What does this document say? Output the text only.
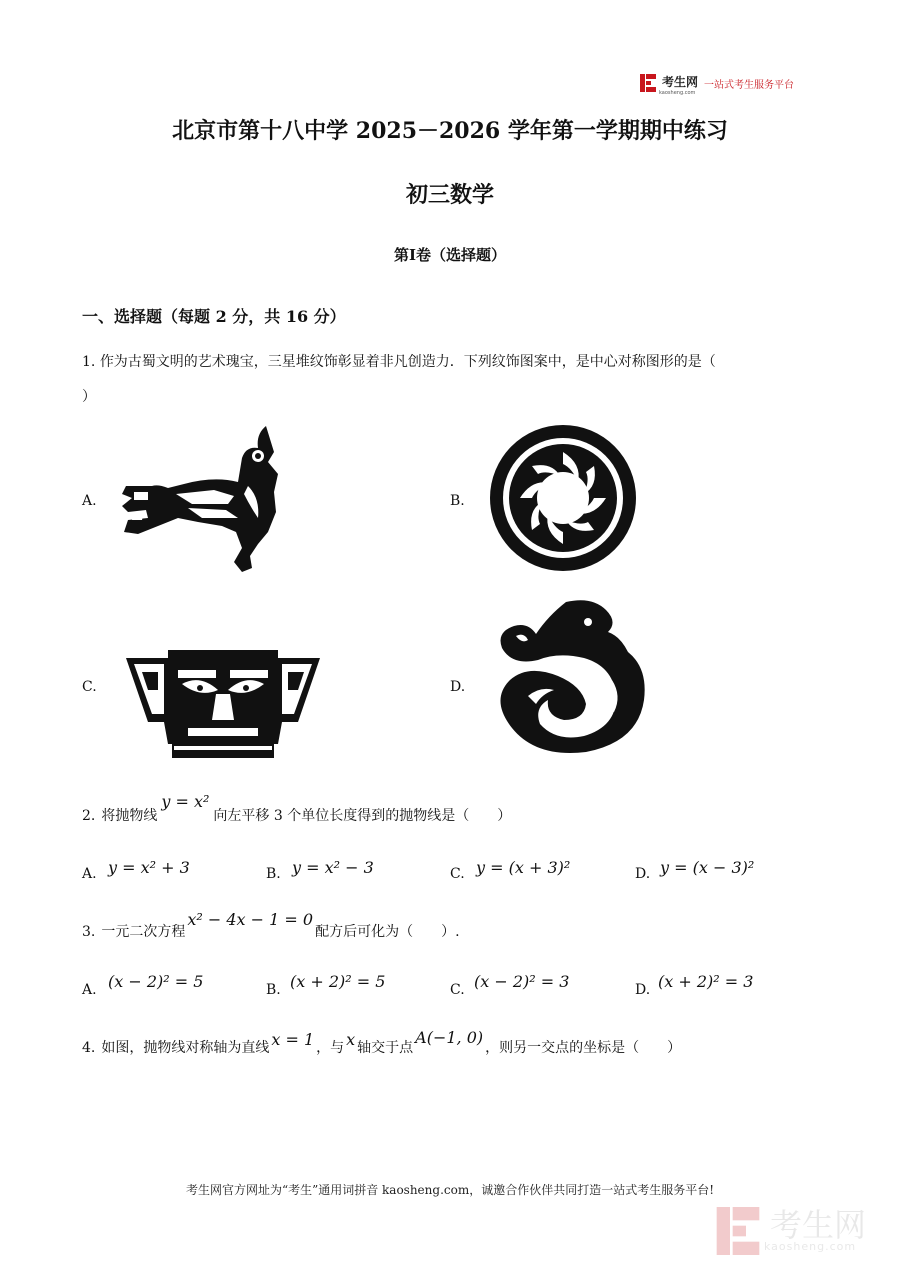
考生网
kaosheng.com
一站式考生服务平台
北京市第十八中学 2025－2026 学年第一学期期中练习
初三数学
第Ⅰ卷（选择题）
一、选择题（每题 2 分，共 16 分）
1. 作为古蜀文明的艺术瑰宝，三星堆纹饰彰显着非凡创造力．下列纹饰图案中，是中心对称图形的是（
）
A.	B.
C.	D.
2. 将抛物线
y = x²
向左平移 3 个单位长度得到的抛物线是（　　）
A. y = x² + 3	B. y = x² − 3	C. y = (x + 3)²	D. y = (x − 3)²
3. 一元二次方程
x² − 4x − 1 = 0
配方后可化为（　　）.
A. (x − 2)² = 5	B. (x + 2)² = 5	C. (x − 2)² = 3	D. (x + 2)² = 3
4. 如图，抛物线对称轴为直线 x = 1 ，与 x 轴交于点
A(−1, 0)
，则另一交点的坐标是（　　）
考生网官方网址为“考生”通用词拼音 kaosheng.com，诚邀合作伙伴共同打造一站式考生服务平台!
考生网
kaosheng.com
